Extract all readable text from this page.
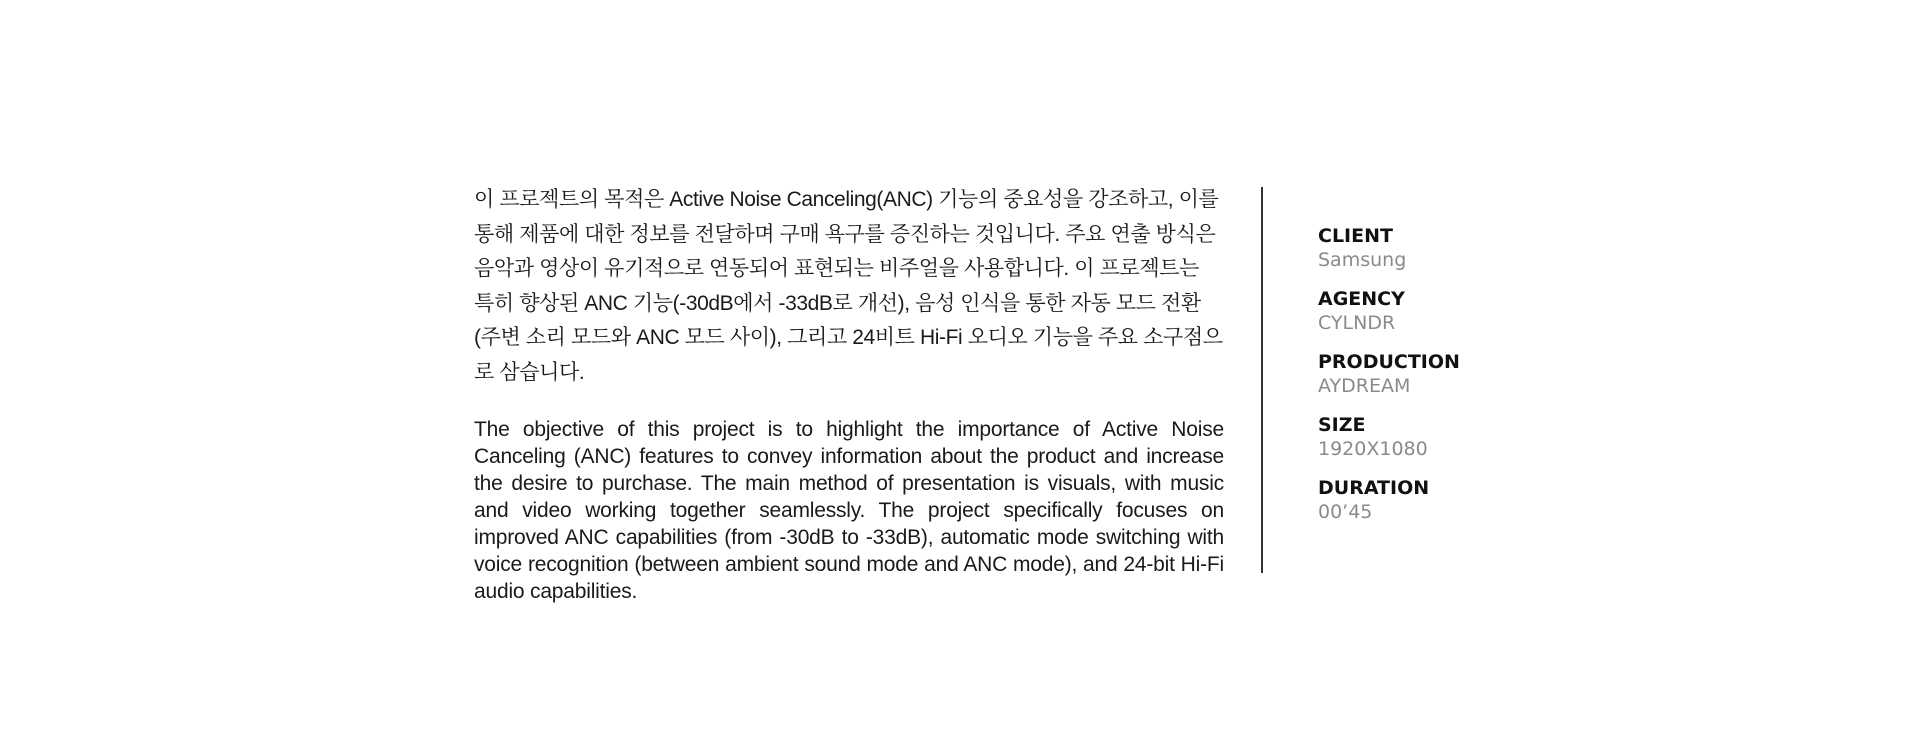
이 프로젝트의 목적은 Active Noise Canceling(ANC) 기능의 중요성을 강조하고, 이를 통해 제품에 대한 정보를 전달하며 구매 욕구를 증진하는 것입니다. 주요 연출 방식은 음악과 영상이 유기적으로 연동되어 표현되는 비주얼을 사용합니다. 이 프로젝트는 특히 향상된 ANC 기능(-30dB에서 -33dB로 개선), 음성 인식을 통한 자동 모드 전환(주변 소리 모드와 ANC 모드 사이), 그리고 24비트 Hi-Fi 오디오 기능을 주요 소구점으로 삼습니다.

The objective of this project is to highlight the importance of Active Noise Canceling (ANC) features to convey information about the product and increase the desire to purchase. The main method of presentation is visuals, with music and video working together seamlessly. The project specifically focuses on improved ANC capabilities (from -30dB to -33dB), automatic mode switching with voice recognition (between ambient sound mode and ANC mode), and 24-bit Hi-Fi audio capabilities.

CLIENT
Samsung
AGENCY
CYLNDR
PRODUCTION
AYDREAM
SIZE
1920X1080
DURATION
00’45
